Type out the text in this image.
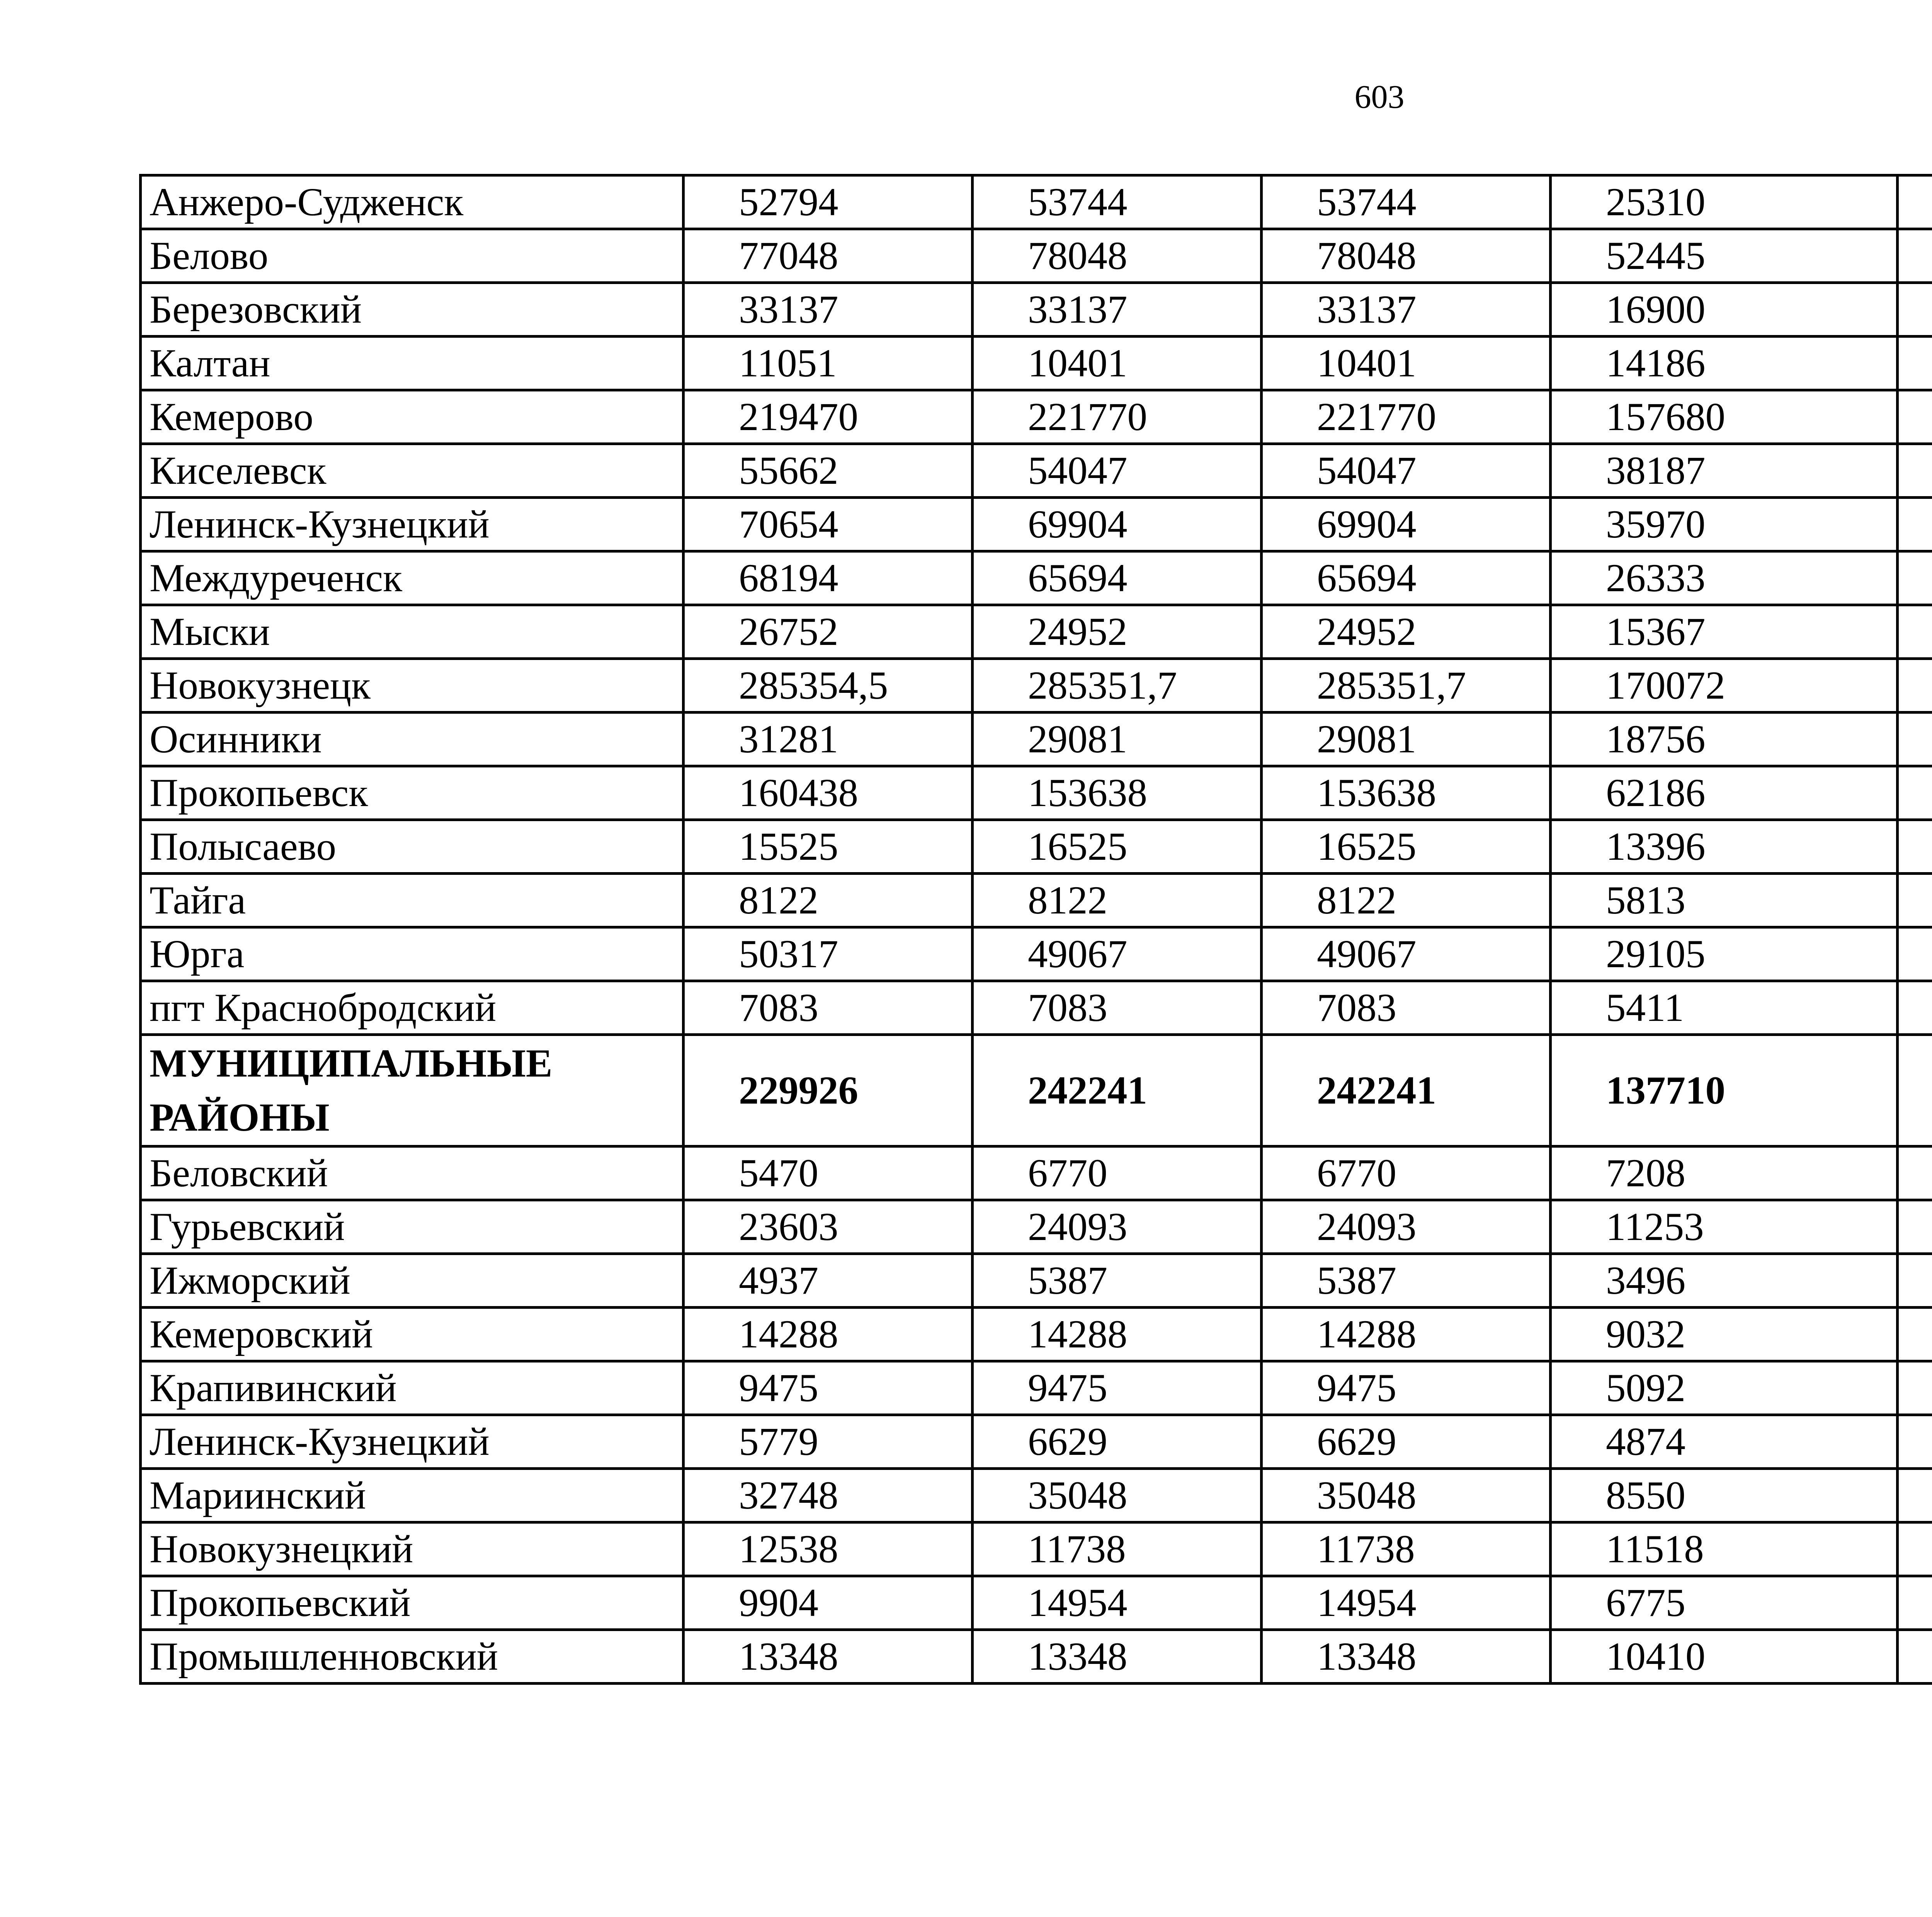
603
Анжеро-Судженск	52794	53744	53744	25310		
Белово	77048	78048	78048	52445		
Березовский	33137	33137	33137	16900		
Калтан	11051	10401	10401	14186		
Кемерово	219470	221770	221770	157680		
Киселевск	55662	54047	54047	38187		
Ленинск-Кузнецкий	70654	69904	69904	35970		
Междуреченск	68194	65694	65694	26333		
Мыски	26752	24952	24952	15367		
Новокузнецк	285354,5	285351,7	285351,7	170072		
Осинники	31281	29081	29081	18756		
Прокопьевск	160438	153638	153638	62186		
Полысаево	15525	16525	16525	13396		
Тайга	8122	8122	8122	5813		
Юрга	50317	49067	49067	29105		
пгт Краснобродский	7083	7083	7083	5411		
МУНИЦИПАЛЬНЫЕ РАЙОНЫ	229926	242241	242241	137710		
Беловский	5470	6770	6770	7208		
Гурьевский	23603	24093	24093	11253		
Ижморский	4937	5387	5387	3496		
Кемеровский	14288	14288	14288	9032		
Крапивинский	9475	9475	9475	5092		
Ленинск-Кузнецкий	5779	6629	6629	4874		
Мариинский	32748	35048	35048	8550		
Новокузнецкий	12538	11738	11738	11518		
Прокопьевский	9904	14954	14954	6775		
Промышленновский	13348	13348	13348	10410		
